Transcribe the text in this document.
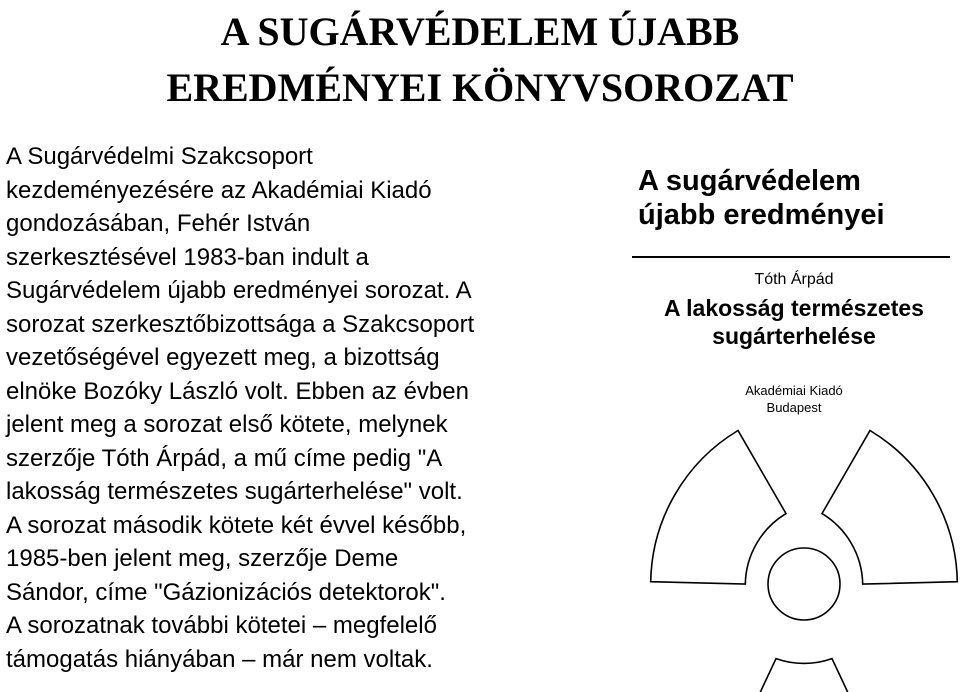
A SUGÁRVÉDELEM ÚJABB
EREDMÉNYEI KÖNYVSOROZAT

A Sugárvédelmi Szakcsoport
kezdeményezésére az Akadémiai Kiadó
gondozásában, Fehér István
szerkesztésével 1983-ban indult a
Sugárvédelem újabb eredményei sorozat. A
sorozat szerkesztőbizottsága a Szakcsoport
vezetőségével egyezett meg, a bizottság
elnöke Bozóky László volt. Ebben az évben
jelent meg a sorozat első kötete, melynek
szerzője Tóth Árpád, a mű címe pedig "A
lakosság természetes sugárterhelése" volt.
A sorozat második kötete két évvel később,
1985-ben jelent meg, szerzője Deme
Sándor, címe "Gázionizációs detektorok".
A sorozatnak további kötetei – megfelelő
támogatás hiányában – már nem voltak.

A sugárvédelem
újabb eredményei
Tóth Árpád
A lakosság természetes
sugárterhelése
Akadémiai Kiadó
Budapest
